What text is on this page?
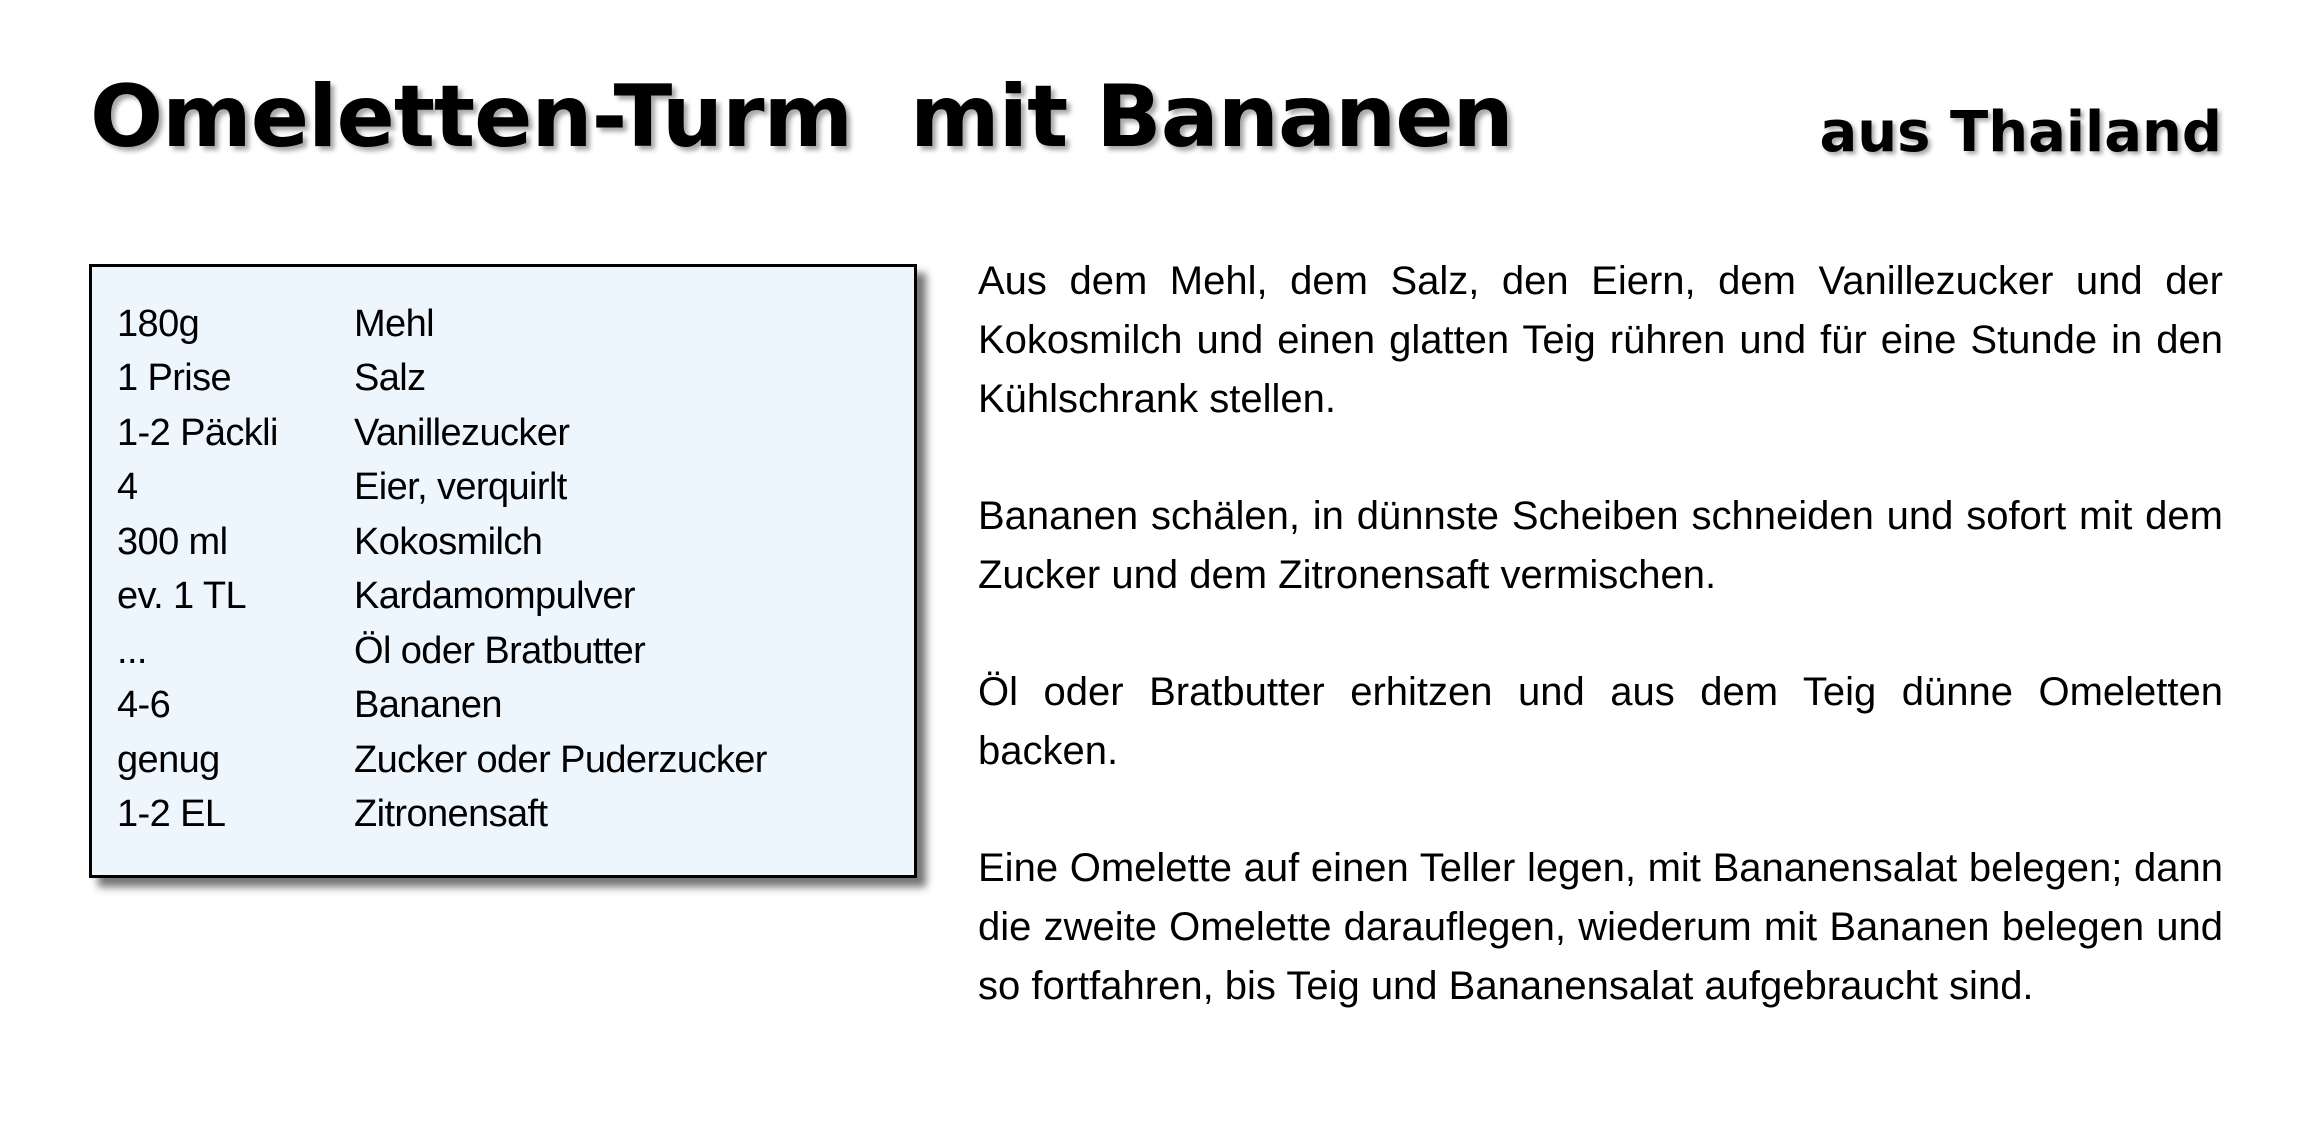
Omeletten-Turm  mit Bananen	aus Thailand
180g	Mehl
1 Prise	Salz
1-2 Päckli	Vanillezucker
4	Eier, verquirlt
300 ml	Kokosmilch
ev. 1 TL	Kardamompulver
...	Öl oder Bratbutter
4-6	Bananen
genug	Zucker oder Puderzucker
1-2 EL	Zitronensaft

Aus dem Mehl, dem Salz, den Eiern, dem Vanillezucker und der Kokosmilch und einen glatten Teig rühren und für eine Stunde in den Kühlschrank stellen.

Bananen schälen, in dünnste Scheiben schneiden und sofort mit dem Zucker und dem Zitronensaft vermischen.

Öl oder Bratbutter erhitzen und aus dem Teig dünne Omeletten backen.

Eine Omelette auf einen Teller legen, mit Bananensalat belegen; dann die zweite Omelette darauflegen, wiederum mit Bananen belegen und so fortfahren, bis Teig und Bananensalat aufgebraucht sind.
